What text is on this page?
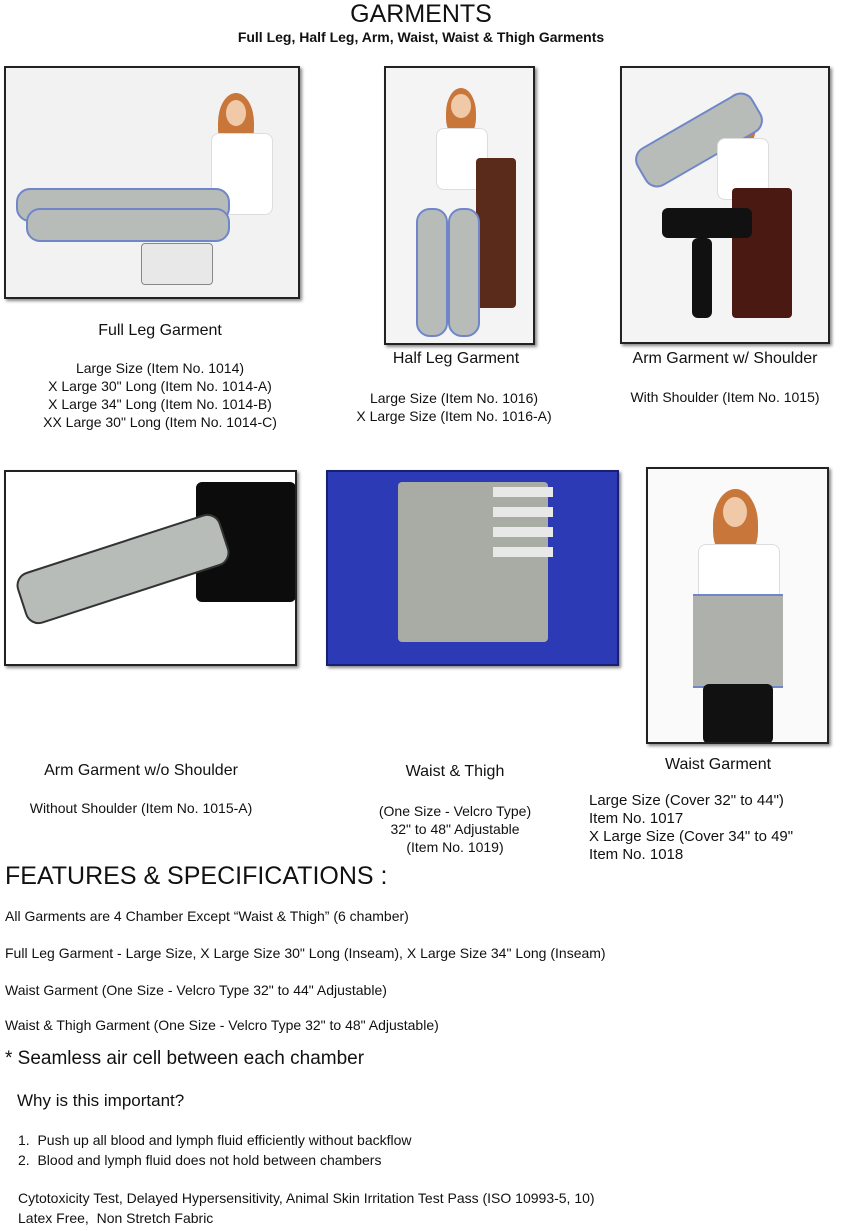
GARMENTS
Full Leg, Half Leg, Arm, Waist, Waist & Thigh Garments
Full Leg Garment
Large Size (Item No. 1014)
X Large 30" Long (Item No. 1014-A)
X Large 34" Long (Item No. 1014-B)
XX Large 30" Long (Item No. 1014-C)
Half Leg Garment
Large Size (Item No. 1016)
X Large Size (Item No. 1016-A)
Arm Garment w/ Shoulder
With Shoulder (Item No. 1015)
Arm Garment w/o Shoulder
Without Shoulder (Item No. 1015-A)
Waist & Thigh
(One Size - Velcro Type)
32" to 48" Adjustable
(Item No. 1019)
Waist Garment
Large Size (Cover 32" to 44")
Item No. 1017
X Large Size (Cover 34" to 49"
Item No. 1018
FEATURES & SPECIFICATIONS :
All Garments are 4 Chamber Except “Waist & Thigh” (6 chamber)
Full Leg Garment - Large Size, X Large Size 30" Long (Inseam), X Large Size 34" Long (Inseam)
Waist Garment (One Size - Velcro Type 32" to 44" Adjustable)
Waist & Thigh Garment (One Size - Velcro Type 32" to 48" Adjustable)
* Seamless air cell between each chamber
Why is this important?
1.  Push up all blood and lymph fluid efficiently without backflow
2.  Blood and lymph fluid does not hold between chambers
Cytotoxicity Test, Delayed Hypersensitivity, Animal Skin Irritation Test Pass (ISO 10993-5, 10)
Latex Free,  Non Stretch Fabric
